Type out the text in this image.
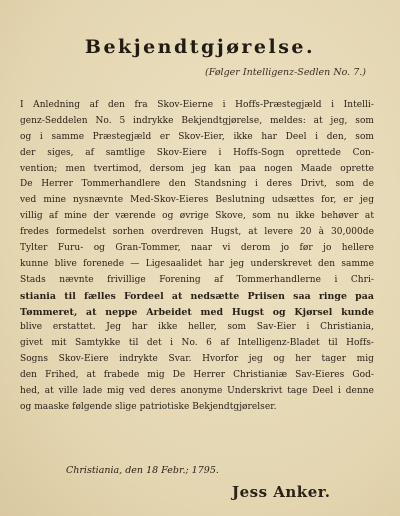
Bekjendtgjørelse.
(Følger Intelligenz-Sedlen No. 7.)
I Anledning af den fra Skov-Eierne i Hoffs-Præstegjæld i Intelli-
genz-Seddelen No. 5 indrykke Bekjendtgjørelse, meldes: at jeg, som
og i samme Præstegjæld er Skov-Eier, ikke har Deel i den, som
der siges, af samtlige Skov-Eiere i Hoffs-Sogn oprettede Con-
vention; men tvertimod, dersom jeg kan paa nogen Maade oprette
De Herrer Tommerhandlere den Standsning i deres Drivt, som de
ved mine nysnævnte Med-Skov-Eieres Beslutning udsættes for, er jeg
villig af mine der værende og øvrige Skove, som nu ikke behøver at
fredes formedelst sorhen overdreven Hugst, at levere 20 à 30,000de
Tylter Furu- og Gran-Tommer, naar vi derom jo før jo hellere
kunne blive forenede — Ligesaalidet har jeg underskrevet den samme
Stads nævnte frivillige Forening af Tommerhandlerne i Chri-
stiania til fælles Fordeel at nedsætte Priisen saa ringe paa
Tømmeret, at neppe Arbeidet med Hugst og Kjørsel kunde
blive erstattet. Jeg har ikke heller, som Sav-Eier i Christiania,
givet mit Samtykke til det i No. 6 af Intelligenz-Bladet til Hoffs-
Sogns Skov-Eiere indrykte Svar. Hvorfor jeg og her tager mig
den Frihed, at frabede mig De Herrer Christianiæ Sav-Eieres God-
hed, at ville lade mig ved deres anonyme Underskrivt tage Deel i denne
og maaske følgende slige patriotiske Bekjendtgjørelser.
Christiania, den 18 Febr.; 1795.
Jess Anker.
